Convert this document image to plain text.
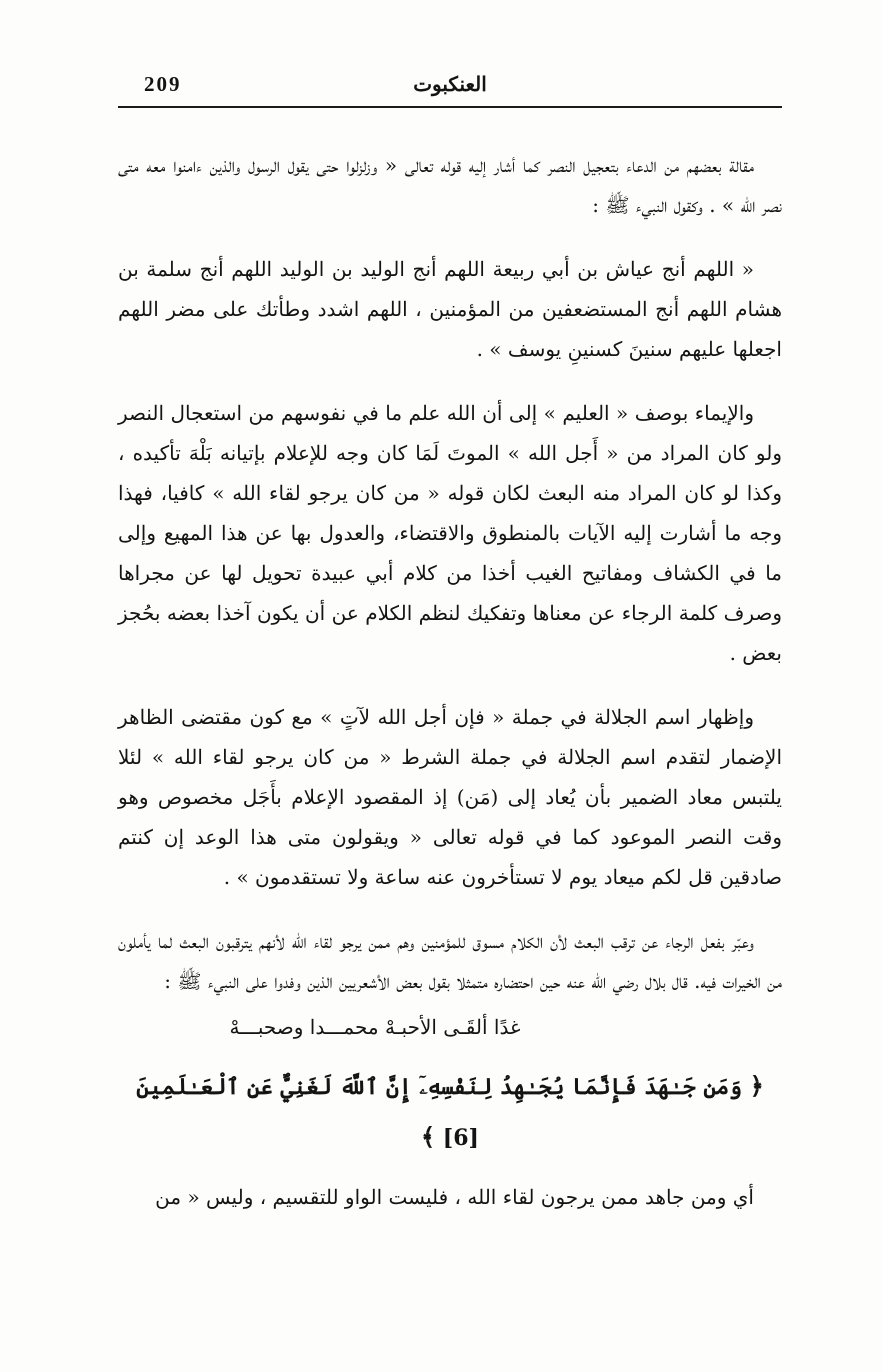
209	العنكبوت

مقالة بعضهم من الدعاء بتعجيل النصر كما أشار إليه قوله تعالى « وزلزلوا حتى يقول الرسول والذين ءامنوا معه متى نصر الله » . وكقول النبيء ﷺ :

« اللهم أنج عياش بن أبي ربيعة اللهم أنج الوليد بن الوليد اللهم أنج سلمة بن هشام اللهم أنج المستضعفين من المؤمنين ، اللهم اشدد وطأتك على مضر اللهم اجعلها عليهم سنينَ كسنينِ يوسف » .

والإيماء بوصف « العليم » إلى أن الله علم ما في نفوسهم من استعجال النصر ولو كان المراد من « أَجل الله » الموتَ لَمَا كان وجه للإعلام بإتيانه بَلْهَ تأكيده ، وكذا لو كان المراد منه البعث لكان قوله « من كان يرجو لقاء الله » كافيا، فهذا وجه ما أشارت إليه الآيات بالمنطوق والاقتضاء، والعدول بها عن هذا المهيع وإلى ما في الكشاف ومفاتيح الغيب أخذا من كلام أبي عبيدة تحويل لها عن مجراها وصرف كلمة الرجاء عن معناها وتفكيك لنظم الكلام عن أن يكون آخذا بعضه بحُجز بعض .

وإظهار اسم الجلالة في جملة « فإن أجل الله لآتٍ » مع كون مقتضى الظاهر الإضمار لتقدم اسم الجلالة في جملة الشرط « من كان يرجو لقاء الله » لئلا يلتبس معاد الضمير بأن يُعاد إلى (مَن) إذ المقصود الإعلام بأَجَل مخصوص وهو وقت النصر الموعود كما في قوله تعالى « ويقولون متى هذا الوعد إن كنتم صادقين قل لكم ميعاد يوم لا تستأخرون عنه ساعة ولا تستقدمون » .

وعبّر بفعل الرجاء عن ترقب البعث لأن الكلام مسوق للمؤمنين وهم ممن يرجو لقاء الله لأنهم يترقبون البعث لما يأملون من الخيرات فيه. قال بلال رضي الله عنه حين احتضاره متمثلا بقول بعض الأشعريين الذين وفدوا على النبيء ﷺ :

غدًا ألقَـى الأحبـهْ محمـــدا وصحبـــهْ
﴿ وَمَن جَـٰهَدَ فَإِنَّمَا يُجَـٰهِدُ لِنَفْسِهِۦٓ إِنَّ ٱللَّهَ لَغَنِيٌّ عَنِ ٱلْعَـٰلَمِينَ [6] ﴾

أي ومن جاهد ممن يرجون لقاء الله ، فليست الواو للتقسيم ، وليس « من
